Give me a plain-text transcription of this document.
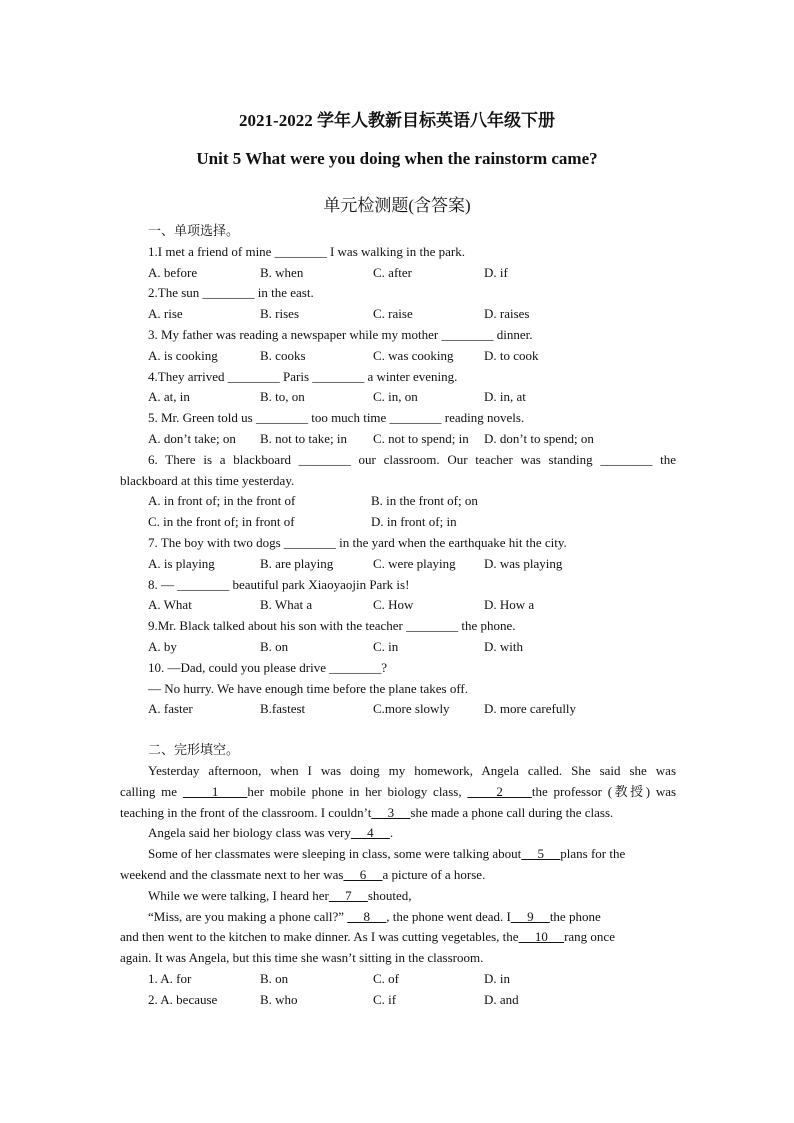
2021-2022 学年人教新目标英语八年级下册
Unit 5 What were you doing when the rainstorm came?
单元检测题(含答案)
一、单项选择。
1.I met a friend of mine ________ I was walking in the park.
A. before	B. when	C. after	D. if
2.The sun ________ in the east.
A. rise	B. rises	C. raise	D. raises
3. My father was reading a newspaper while my mother ________ dinner.
A. is cooking	B. cooks	C. was cooking	D. to cook
4.They arrived ________ Paris ________ a winter evening.
A. at, in	B. to, on	C. in, on	D. in, at
5. Mr. Green told us ________ too much time ________ reading novels.
A. don’t take; on	B. not to take; in	C. not to spend; in	D. don’t to spend; on
6. There is a blackboard ________ our classroom. Our teacher was standing ________ the
blackboard at this time yesterday.
A. in front of; in the front of	B. in the front of; on
C. in the front of; in front of	D. in front of; in
7. The boy with two dogs ________ in the yard when the earthquake hit the city.
A. is playing	B. are playing	C. were playing	D. was playing
8. — ________ beautiful park Xiaoyaojin Park is!
A. What	B. What a	C. How	D. How a
9.Mr. Black talked about his son with the teacher ________ the phone.
A. by	B. on	C. in	D. with
10. —Dad, could you please drive ________?
— No hurry. We have enough time before the plane takes off.
A. faster	B.fastest	C.more slowly	D. more carefully
二、完形填空。
Yesterday afternoon, when I was doing my homework, Angela called. She said she was
calling me      1     her mobile phone in her biology class,      2     the professor (教授) was
teaching in the front of the classroom. I couldn’t     3     she made a phone call during the class.
Angela said her biology class was very     4     .
Some of her classmates were sleeping in class, some were talking about     5     plans for the
weekend and the classmate next to her was     6     a picture of a horse.
While we were talking, I heard her     7     shouted,
“Miss, are you making a phone call?”      8     , the phone went dead. I     9     the phone
and then went to the kitchen to make dinner. As I was cutting vegetables, the     10     rang once
again. It was Angela, but this time she wasn’t sitting in the classroom.
1. A. for	B. on	C. of	D. in
2. A. because	B. who	C. if	D. and
